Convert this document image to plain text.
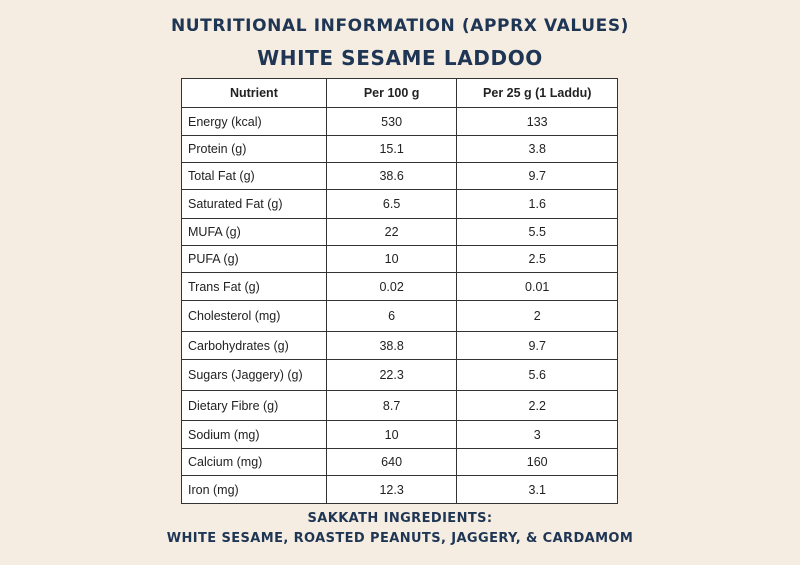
NUTRITIONAL INFORMATION (APPRX VALUES)
WHITE SESAME LADDOO
Nutrient	Per 100 g	Per 25 g (1 Laddu)
Energy (kcal)	530	133
Protein (g)	15.1	3.8
Total Fat (g)	38.6	9.7
Saturated Fat (g)	6.5	1.6
MUFA (g)	22	5.5
PUFA (g)	10	2.5
Trans Fat (g)	0.02	0.01
Cholesterol (mg)	6	2
Carbohydrates (g)	38.8	9.7
Sugars (Jaggery) (g)	22.3	5.6
Dietary Fibre (g)	8.7	2.2
Sodium (mg)	10	3
Calcium (mg)	640	160
Iron (mg)	12.3	3.1
SAKKATH INGREDIENTS:
WHITE SESAME, ROASTED PEANUTS, JAGGERY, & CARDAMOM
